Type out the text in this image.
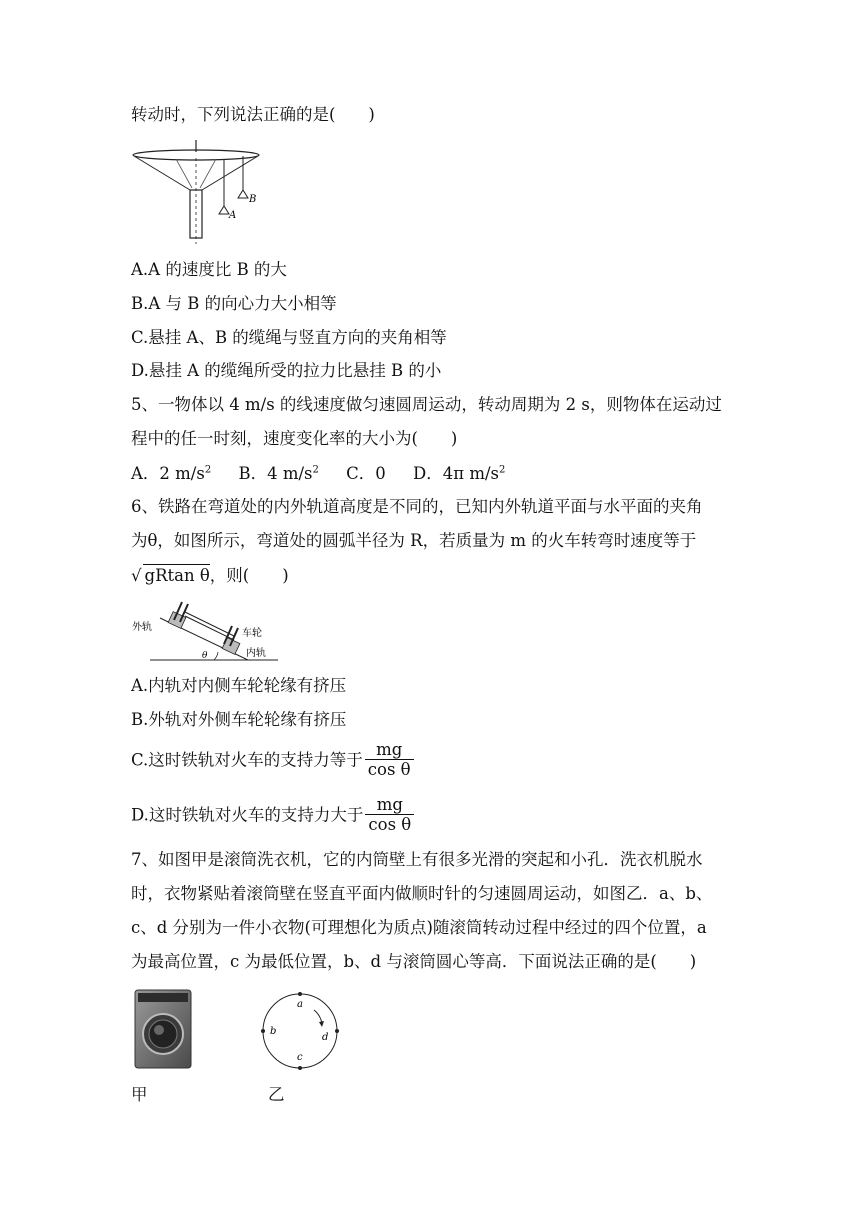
转动时，下列说法正确的是(　　)
A
B
A.A 的速度比 B 的大
B.A 与 B 的向心力大小相等
C.悬挂 A、B 的缆绳与竖直方向的夹角相等
D.悬挂 A 的缆绳所受的拉力比悬挂 B 的小
5、一物体以 4 m/s 的线速度做匀速圆周运动，转动周期为 2 s，则物体在运动过
程中的任一时刻，速度变化率的大小为(　　)
A．2 $m/s^2$ B．4 $m/s^2$ C．0 D．4π $m/s^2$
6、铁路在弯道处的内外轨道高度是不同的，已知内外轨道平面与水平面的夹角
为θ，如图所示，弯道处的圆弧半径为 R，若质量为 m 的火车转弯时速度等于
√ gRtan θ，则(　　)
外轨
车轮
内轨
θ
A.内轨对内侧车轮轮缘有挤压
B.外轨对外侧车轮轮缘有挤压
C.这时铁轨对火车的支持力等于 $\frac{mg}{\text{cos θ}}$
D.这时铁轨对火车的支持力大于 $\frac{mg}{\text{cos θ}}$
7、如图甲是滚筒洗衣机，它的内筒壁上有很多光滑的突起和小孔．洗衣机脱水
时，衣物紧贴着滚筒壁在竖直平面内做顺时针的匀速圆周运动，如图乙．a、b、
c、d 分别为一件小衣物(可理想化为质点)随滚筒转动过程中经过的四个位置，a
为最高位置，c 为最低位置，b、d 与滚筒圆心等高．下面说法正确的是(　　)
a
b
c
d
甲	乙
